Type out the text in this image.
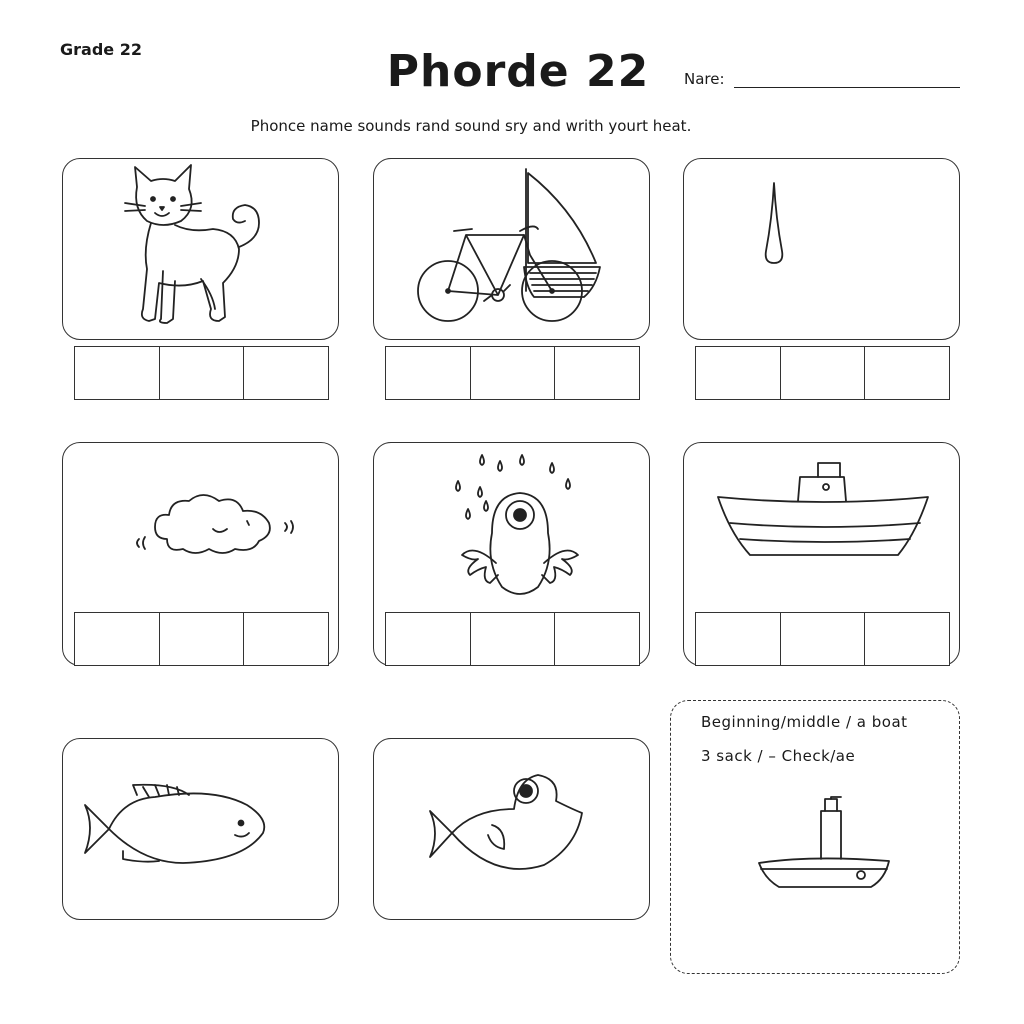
Grade 22	Phorde 22	Nare:
Phonce name sounds rand sound sry and writh yourt heat.
Beginning/middle / a boat
3 sack / – Check/ae
